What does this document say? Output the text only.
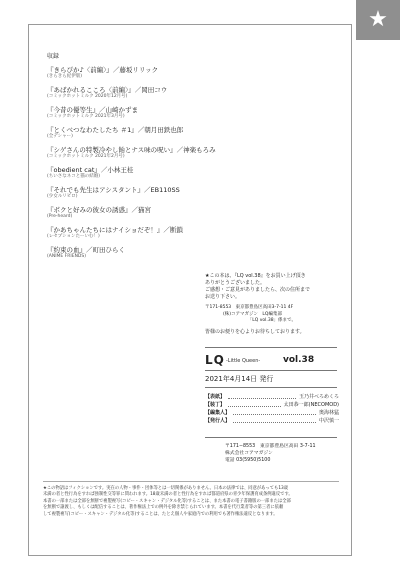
収録
『きらぴか♪〈前編〉』／藤坂リリック
(きらきら紀伊版)
『あばかれるこころ〈前編〉』／岡田コウ
(コミックホットミルク 2020年12月号)
『今昔の優等生』／山崎かずま
(コミックホットミルク 2021年3月号)
『とくべつなわたしたち ＃1』／朝月田鉄也郎
(全デシャー)
『シゲさんの特製冷やし飴とナス味の呪い』／神楽もろみ
(コミックホットミルク 2021年2月号)
『obedient cat』／小林王桂
(ちいさなネコと猫の結婚)
『それでも先生はアシスタント』／EB110SS
(少女ルリビロ)
『ボクと好みの彼女の誘惑』／猫宮
(Pre-heard)
『かあちゃんたちにはナイショだぞ！』／断鎖
(レセプションたーいむ！)
『約束の血』／町田ひらく
(ANIME FRIENDS)
★この本は、『LQ vol.38』をお買い上げ頂き
ありがとうございました。
ご感想・ご意見がありましたら、次の住所まで
お送り下さい。
〒171-8553　東京都豊島区高田3-7-11 4F
　　　　(株)コアマガジン　LQ編集部
　　　　　　　　　　「LQ vol.38」係まで。
皆様のお便りを心よりお待ちしております。
LQ -Little Queen-	vol.38
2021年4月14日 発行
【表紙】	玉乃井べろめくろ
【装丁】	太田恭一郎(NECOMOD)
【編集人】	奥海林猛
【発行人】	中沢慎一
〒171−8553　東京都豊島区高田 3-7-11
株式会社コアマガジン
電話 03(5950)5100
★この物語はフィクションです。実在の人物・事件・団体等とは一切関係がありません。日本の法律では、同意があっても13歳
未満の者と性行為をすれば強制性交等罪に問われます。18歳未満の者と性行為をすれば都道府県の青少年保護育成条例違反です。
本書の一部または全部を無断で複製複写(コピー・スキャン・デジタル化等)することは、また本書の電子書籍版の一部または全部
を無断で譲渡し、もしくは配信することは、著作権法上での例外を除き禁じられています。本書を代行業者等の第三者に依頼
して複製複写(コピー・スキャン・デジタル化等)することは、たとえ個人や家庭内での利用でも著作権法違反となります。
★
